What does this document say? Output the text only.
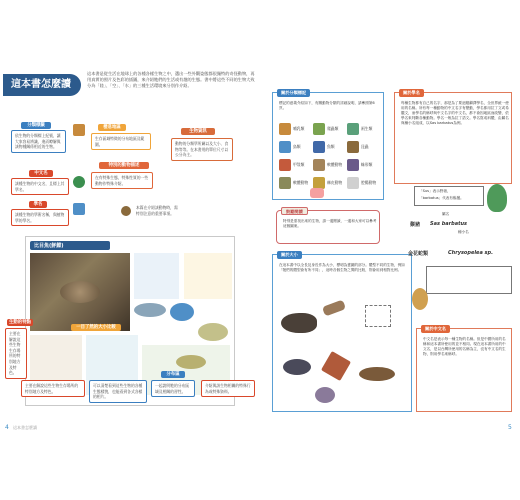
這本書怎麼讀
這本書是從生活在地球上的各種各樣生物之中，選出一些外觀姿態都很獨特的奇怪動物，再用真實的照片及色彩的插圖，來介紹牠們的生活或有趣的生態。書中將這些不同的生物大致分為「陸」、「空」、「水」的三種生活環境來分別作介紹。
分類標籤
依生物的分類標上紀號，讓大家容易辨識，進而瞭解與該物種關係相近的生物。
中文名
該種生物的中文名，且標上其學名。
學名
該種生物的學術名稱，與植物學的學名。
棲息地區
生存區域特徵的分布地區及範圍。
生物資訊
動物的分類學所屬以及大小、食物等等。在本書用的單位尺寸以公分為主。
特別的動物描述
在有特殊生態，特殊性質的一些動物作特殊介紹。
本篇在介紹該動物時，需特別注意的重要事項。
比目魚(鮃鰈)
生動的特點
主要在解說這些生物生存場所的特別地方及特色。
一目了然的大小比較
主要在解說這些生物生存場所的特別地方及特色。
可以清楚看到這些生物的各種生態樣貌，也能看到各式各樣的相片。
分布區
一起說明牠的分布區域及相關的習性。
介紹與該生物相關的特殊行為或特殊資料。
4 這本書怎麼讀
關於分類標記
標記的意義介紹如下，有關動物分類的詳細說明，請參照第6頁。
哺乳類	爬蟲類	兩生類
鳥類	魚類	昆蟲
甲殼類	軟體動物	蛛形類
軟體動物	棘皮動物	腔腸動物
鼓勵閱讀
特別是需找出來的生物，請一邊閱讀，一邊和大家可以參考這個圖案。
關於大小
在這本書中以全長及身長作為大小，標明為畫圖的部分。體型不同的生物，例如「牠們的體型會有所不同」，這時各個生物之間的比較，則會用到相對比例。
關於學名
每種生物都有自己的名字，那是為了要迴避翻譯學名，全世界統一使用的名稱。所有每一種動物的中文名字有變動，學名都用拉丁文或希臘文，而學名的稱呼與中文名字的中文名，都不會因地區而改變，依學名來判斷各種動物。學名一般為拉丁語文。學名寫成斜體，由屬名與種小名組成，以Sas barbatus為例。
「Sus」表示野豬，
「barbatus」代表有鬍鬚。
屬名
鬃豬 Sas barbatus
種小名
金花蛇類	Chrysopelea sp.
關於中文名
中文名是表示每一種生物的名稱。但是中國所用的名稱和這本書所使用的並不相同。現在這本書所用的中文名，是以台灣所使用的名稱為主，沒有中文名的生物，則用學名來稱呼。
5
